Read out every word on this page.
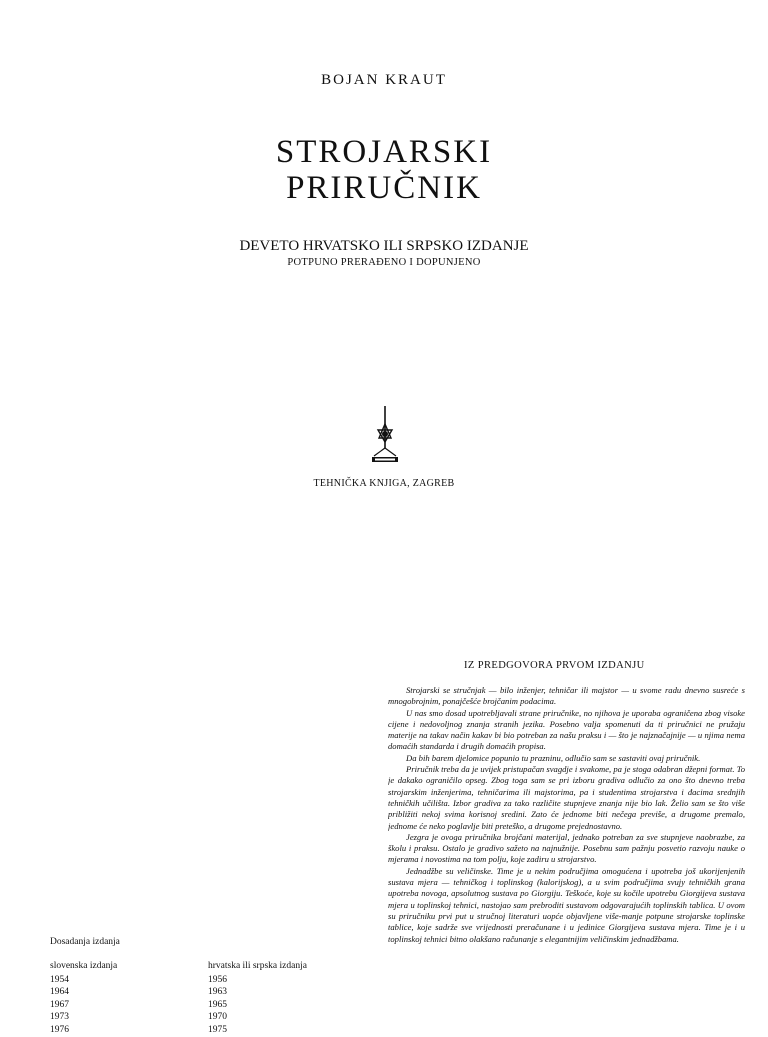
BOJAN KRAUT
STROJARSKI
PRIRUČNIK
DEVETO HRVATSKO ILI SRPSKO IZDANJE
POTPUNO PRERAĐENO I DOPUNJENO
TEHNIČKA KNJIGA, ZAGREB
IZ PREDGOVORA PRVOM IZDANJU

Strojarski se stručnjak — bilo inženjer, tehničar ili majstor — u svome radu dnevno susreće s mnogobrojnim, ponajčešće brojčanim podacima.

U nas smo dosad upotrebljavali strane priručnike, no njihova je uporaba ograničena zbog visoke cijene i nedovoljnog znanja stranih jezika. Posebno valja spomenuti da ti priručnici ne pružaju materije na takav način kakav bi bio potreban za našu praksu i — što je najznačajnije — u njima nema domaćih standarda i drugih domaćih propisa.

Da bih barem djelomice popunio tu prazninu, odlučio sam se sastaviti ovaj priručnik.

Priručnik treba da je uvijek pristupačan svagdje i svakome, pa je stoga odabran džepni format. To je dakako ograničilo opseg. Zbog toga sam se pri izboru gradiva odlučio za ono što dnevno treba strojarskim inženjerima, tehničarima ili majstorima, pa i studentima strojarstva i đacima srednjih tehničkih učilišta. Izbor gradiva za tako različite stupnjeve znanja nije bio lak. Želio sam se što više približiti nekoj svima korisnoj sredini. Zato će jednome biti nečega previše, a drugome premalo, jednome će neko poglavlje biti preteško, a drugome prejednostavno.

Jezgra je ovoga priručnika brojčani materijal, jednako potreban za sve stupnjeve naobrazbe, za školu i praksu. Ostalo je gradivo sažeto na najnužnije. Posebnu sam pažnju posvetio razvoju nauke o mjerama i novostima na tom polju, koje zadiru u strojarstvo.

Jednadžbe su veličinske. Time je u nekim područjima omogućena i upotreba još ukorijenjenih sustava mjera — tehničkog i toplinskog (kalorijskog), a u svim područjima svију tehničkih grana upotreba novoga, apsolutnog sustava po Giorgiju. Teškoće, koje su kočile upotrebu Giorgijeva sustava mjera u toplinskoj tehnici, nastojao sam prebroditi sustavom odgovarajućih toplinskih tablica. U ovom su priručniku prvi put u stručnoj literaturi uopće objavljene više-manje potpune strojarske toplinske tablice, koje sadrže sve vrijednosti preračunane i u jedinice Giorgijeva sustava mjera. Time je i u toplinskoj tehnici bitno olakšano računanje s elegantnijim veličinskim jednadžbama.

Dosadanja izdanja
slovenska izdanja
1954
1964
1967
1973
1976
hrvatska ili srpska izdanja
1956
1963
1965
1970
1975
